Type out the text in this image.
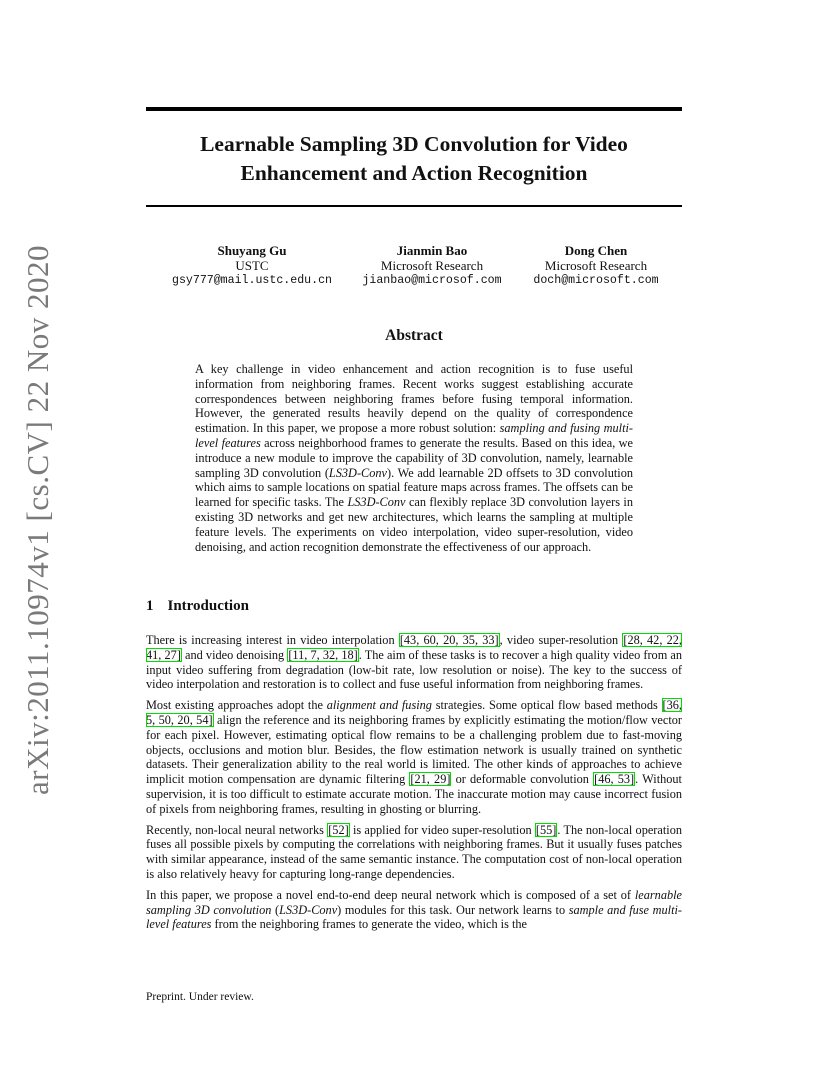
arXiv:2011.10974v1 [cs.CV] 22 Nov 2020
Learnable Sampling 3D Convolution for Video
Enhancement and Action Recognition
Shuyang Gu
USTC
gsy777@mail.ustc.edu.cn
Jianmin Bao
Microsoft Research
jianbao@microsof.com
Dong Chen
Microsoft Research
doch@microsoft.com
Abstract
A key challenge in video enhancement and action recognition is to fuse useful information from neighboring frames. Recent works suggest establishing accurate correspondences between neighboring frames before fusing temporal information. However, the generated results heavily depend on the quality of correspondence estimation. In this paper, we propose a more robust solution: sampling and fusing multi-level features across neighborhood frames to generate the results. Based on this idea, we introduce a new module to improve the capability of 3D convolution, namely, learnable sampling 3D convolution (LS3D-Conv). We add learnable 2D offsets to 3D convolution which aims to sample locations on spatial feature maps across frames. The offsets can be learned for specific tasks. The LS3D-Conv can flexibly replace 3D convolution layers in existing 3D networks and get new architectures, which learns the sampling at multiple feature levels. The experiments on video interpolation, video super-resolution, video denoising, and action recognition demonstrate the effectiveness of our approach.
1 Introduction

There is increasing interest in video interpolation [43, 60, 20, 35, 33], video super-resolution [28, 42, 22, 41, 27] and video denoising [11, 7, 32, 18]. The aim of these tasks is to recover a high quality video from an input video suffering from degradation (low-bit rate, low resolution or noise). The key to the success of video interpolation and restoration is to collect and fuse useful information from neighboring frames.

Most existing approaches adopt the alignment and fusing strategies. Some optical flow based methods [36, 5, 50, 20, 54] align the reference and its neighboring frames by explicitly estimating the motion/flow vector for each pixel. However, estimating optical flow remains to be a challenging problem due to fast-moving objects, occlusions and motion blur. Besides, the flow estimation network is usually trained on synthetic datasets. Their generalization ability to the real world is limited. The other kinds of approaches to achieve implicit motion compensation are dynamic filtering [21, 29] or deformable convolution [46, 53]. Without supervision, it is too difficult to estimate accurate motion. The inaccurate motion may cause incorrect fusion of pixels from neighboring frames, resulting in ghosting or blurring.

Recently, non-local neural networks [52] is applied for video super-resolution [55]. The non-local operation fuses all possible pixels by computing the correlations with neighboring frames. But it usually fuses patches with similar appearance, instead of the same semantic instance. The computation cost of non-local operation is also relatively heavy for capturing long-range dependencies.

In this paper, we propose a novel end-to-end deep neural network which is composed of a set of learnable sampling 3D convolution (LS3D-Conv) modules for this task. Our network learns to sample and fuse multi-level features from the neighboring frames to generate the video, which is the

Preprint. Under review.
